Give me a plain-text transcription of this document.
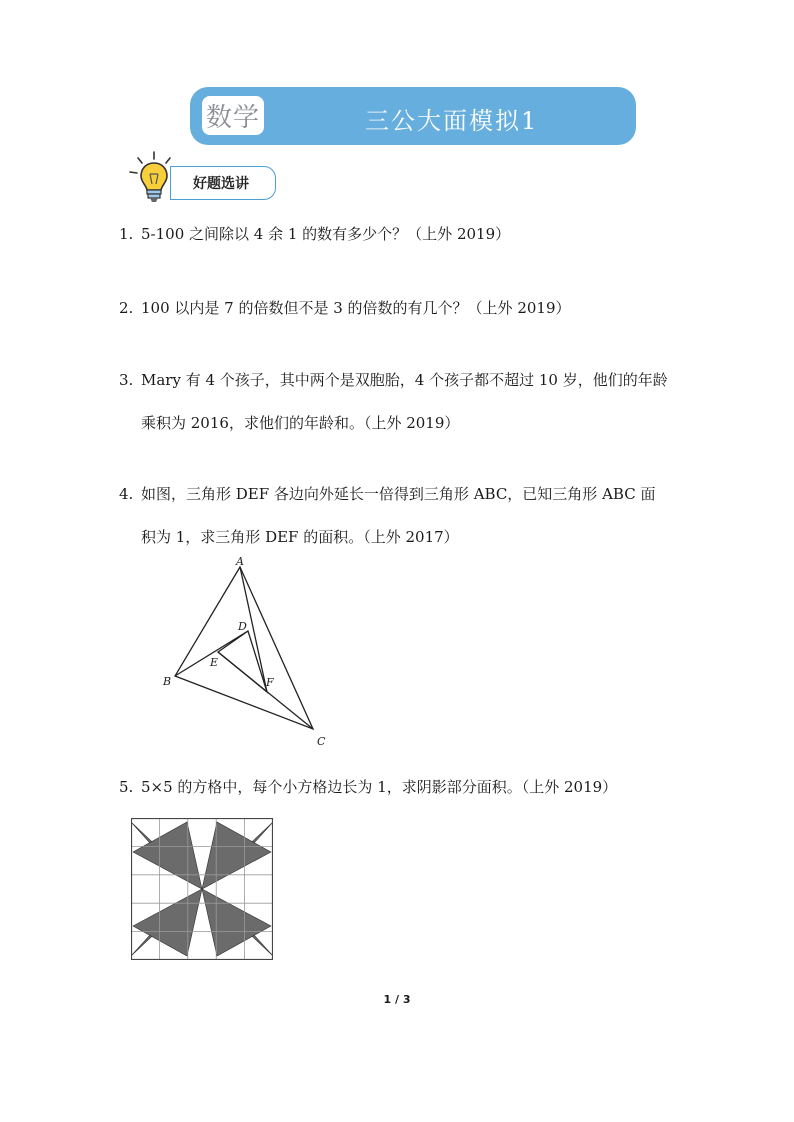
数学	三公大面模拟1
好题选讲
1. 5-100 之间除以 4 余 1 的数有多少个？（上外 2019）
2. 100 以内是 7 的倍数但不是 3 的倍数的有几个？（上外 2019）
3. Mary 有 4 个孩子，其中两个是双胞胎，4 个孩子都不超过 10 岁，他们的年龄
乘积为 2016，求他们的年龄和。（上外 2019）
4. 如图，三角形 DEF 各边向外延长一倍得到三角形 ABC，已知三角形 ABC 面
积为 1，求三角形 DEF 的面积。（上外 2017）
A
B
C
D
E
F
5. 5×5 的方格中，每个小方格边长为 1，求阴影部分面积。（上外 2019）
1 / 3
